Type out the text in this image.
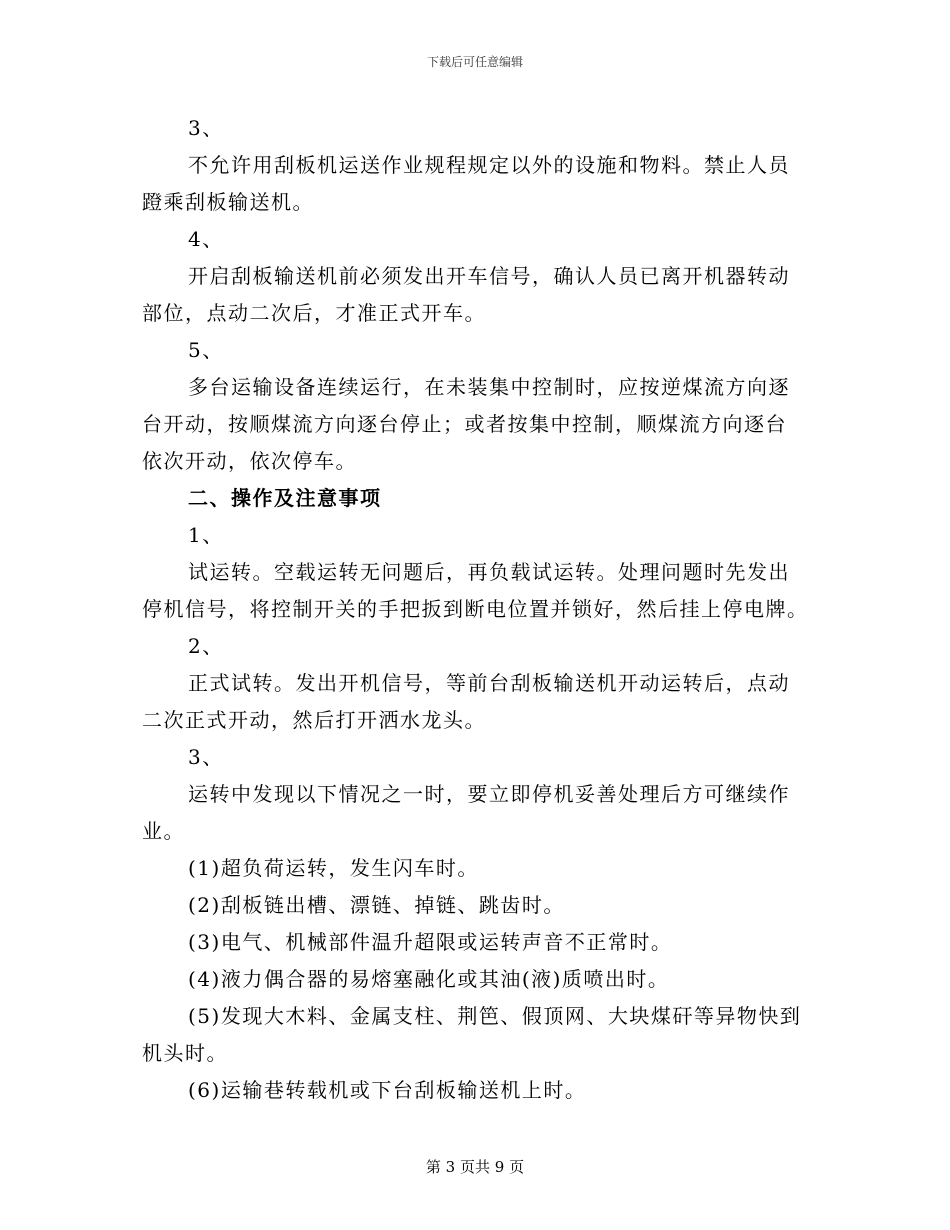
下载后可任意编辑
3、
不允许用刮板机运送作业规程规定以外的设施和物料。禁止人员
蹬乘刮板输送机。
4、
开启刮板输送机前必须发出开车信号，确认人员已离开机器转动
部位，点动二次后，才准正式开车。
5、
多台运输设备连续运行，在未装集中控制时，应按逆煤流方向逐
台开动，按顺煤流方向逐台停止；或者按集中控制，顺煤流方向逐台
依次开动，依次停车。
二、操作及注意事项
1、
试运转。空载运转无问题后，再负载试运转。处理问题时先发出
停机信号，将控制开关的手把扳到断电位置并锁好，然后挂上停电牌。
2、
正式试转。发出开机信号，等前台刮板输送机开动运转后，点动
二次正式开动，然后打开洒水龙头。
3、
运转中发现以下情况之一时，要立即停机妥善处理后方可继续作
业。
(1)超负荷运转，发生闪车时。
(2)刮板链出槽、漂链、掉链、跳齿时。
(3)电气、机械部件温升超限或运转声音不正常时。
(4)液力偶合器的易熔塞融化或其油(液)质喷出时。
(5)发现大木料、金属支柱、荆笆、假顶网、大块煤矸等异物快到
机头时。
(6)运输巷转载机或下台刮板输送机上时。
第 3 页共 9 页
